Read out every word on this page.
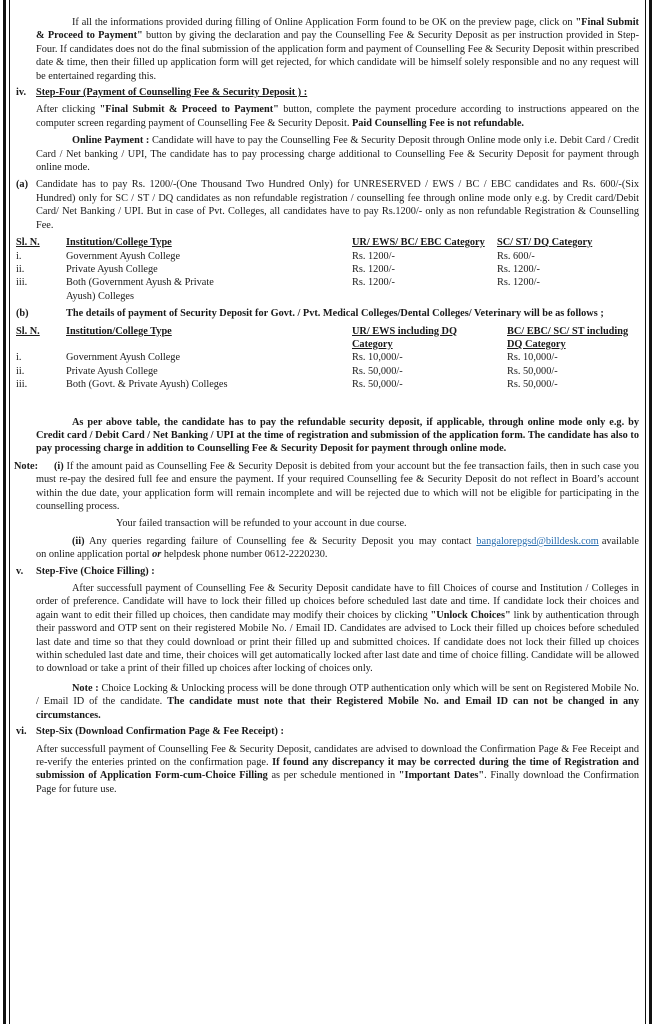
If all the informations provided during filling of Online Application Form found to be OK on the preview page, click on "Final Submit & Proceed to Payment" button by giving the declaration and pay the Counselling Fee & Security Deposit as per instruction provided in Step-Four. If candidates does not do the final submission of the application form and payment of Counselling Fee & Security Deposit within prescribed date & time, then their filled up application form will get rejected, for which candidate will be himself solely responsible and no any request will be entertained regarding this.

iv. Step-Four (Payment of Counselling Fee & Security Deposit ) :

After clicking "Final Submit & Proceed to Payment" button, complete the payment procedure according to instructions appeared on the computer screen regarding payment of Counselling Fee & Security Deposit. Paid Counselling Fee is not refundable.

Online Payment : Candidate will have to pay the Counselling Fee & Security Deposit through Online mode only i.e. Debit Card / Credit Card / Net banking / UPI, The candidate has to pay processing charge additional to Counselling Fee & Security Deposit for payment through online mode.

(a) Candidate has to pay Rs. 1200/-(One Thousand Two Hundred Only) for UNRESERVED / EWS / BC / EBC candidates and Rs. 600/-(Six Hundred) only for SC / ST / DQ candidates as non refundable registration / counselling fee through online mode only e.g. by Credit card/Debit Card/ Net Banking / UPI. But in case of Pvt. Colleges, all candidates have to pay Rs.1200/- only as non refundable Registration & Counselling Fee.

Sl. N.	Institution/College Type	UR/ EWS/ BC/ EBC Category	SC/ ST/ DQ Category
i.	Government Ayush College	Rs. 1200/-	Rs. 600/-
ii.	Private Ayush College	Rs. 1200/-	Rs. 1200/-
iii.	Both (Government Ayush & Private Ayush) Colleges	Rs. 1200/-	Rs. 1200/-
(b)	The details of payment of Security Deposit for Govt. / Pvt. Medical Colleges/Dental Colleges/ Veterinary will be as follows ;

Sl. N.	Institution/College Type	UR/ EWS including DQ Category	BC/ EBC/ SC/ ST including DQ Category
i.	Government Ayush College	Rs. 10,000/-	Rs. 10,000/-
ii.	Private Ayush College	Rs. 50,000/-	Rs. 50,000/-
iii.	Both (Govt. & Private Ayush) Colleges	Rs. 50,000/-	Rs. 50,000/-

As per above table, the candidate has to pay the refundable security deposit, if applicable, through online mode only e.g. by Credit card / Debit Card / Net Banking / UPI at the time of registration and submission of the application form. The candidate has also to pay processing charge in addition to Counselling Fee & Security Deposit for payment through online mode.

Note:	(i) If the amount paid as Counselling Fee & Security Deposit is debited from your account but the fee transaction fails, then in such case you must re-pay the desired full fee and ensure the payment. If your required Counselling fee & Security Deposit do not reflect in Board’s account within the due date, your application form will remain incomplete and will be rejected due to which will not be eligible for participating in the counselling process.

Your failed transaction will be refunded to your account in due course.

(ii) Any queries regarding failure of Counselling fee & Security Deposit you may contact bangalorepgsd@billdesk.com available on online application portal or helpdesk phone number 0612-2220230.

v.	Step-Five (Choice Filling) :

After successfull payment of Counselling Fee & Security Deposit candidate have to fill Choices of course and Institution / Colleges in order of preference. Candidate will have to lock their filled up choices before scheduled last date and time. If candidate lock their choices and again want to edit their filled up choices, then candidate may modify their choices by clicking "Unlock Choices" link by authentication through their password and OTP sent on their registered Mobile No. / Email ID. Candidates are advised to Lock their filled up choices before scheduled last date and time so that they could download or print their filled up and submitted choices. If candidate does not lock their filled up choices within scheduled last date and time, their choices will get automatically locked after last date and time of choice filling. Candidate will be allowed to download or take a print of their filled up choices after locking of choices only.

Note : Choice Locking & Unlocking process will be done through OTP authentication only which will be sent on Registered Mobile No. / Email ID of the candidate. The candidate must note that their Registered Mobile No. and Email ID can not be changed in any circumstances.

vi. Step-Six (Download Confirmation Page & Fee Receipt) :

After successfull payment of Counselling Fee & Security Deposit, candidates are advised to download the Confirmation Page & Fee Receipt and re-verify the enteries printed on the confirmation page. If found any discrepancy it may be corrected during the time of Registration and submission of Application Form-cum-Choice Filling as per schedule mentioned in "Important Dates". Finally download the Confirmation Page for future use.
